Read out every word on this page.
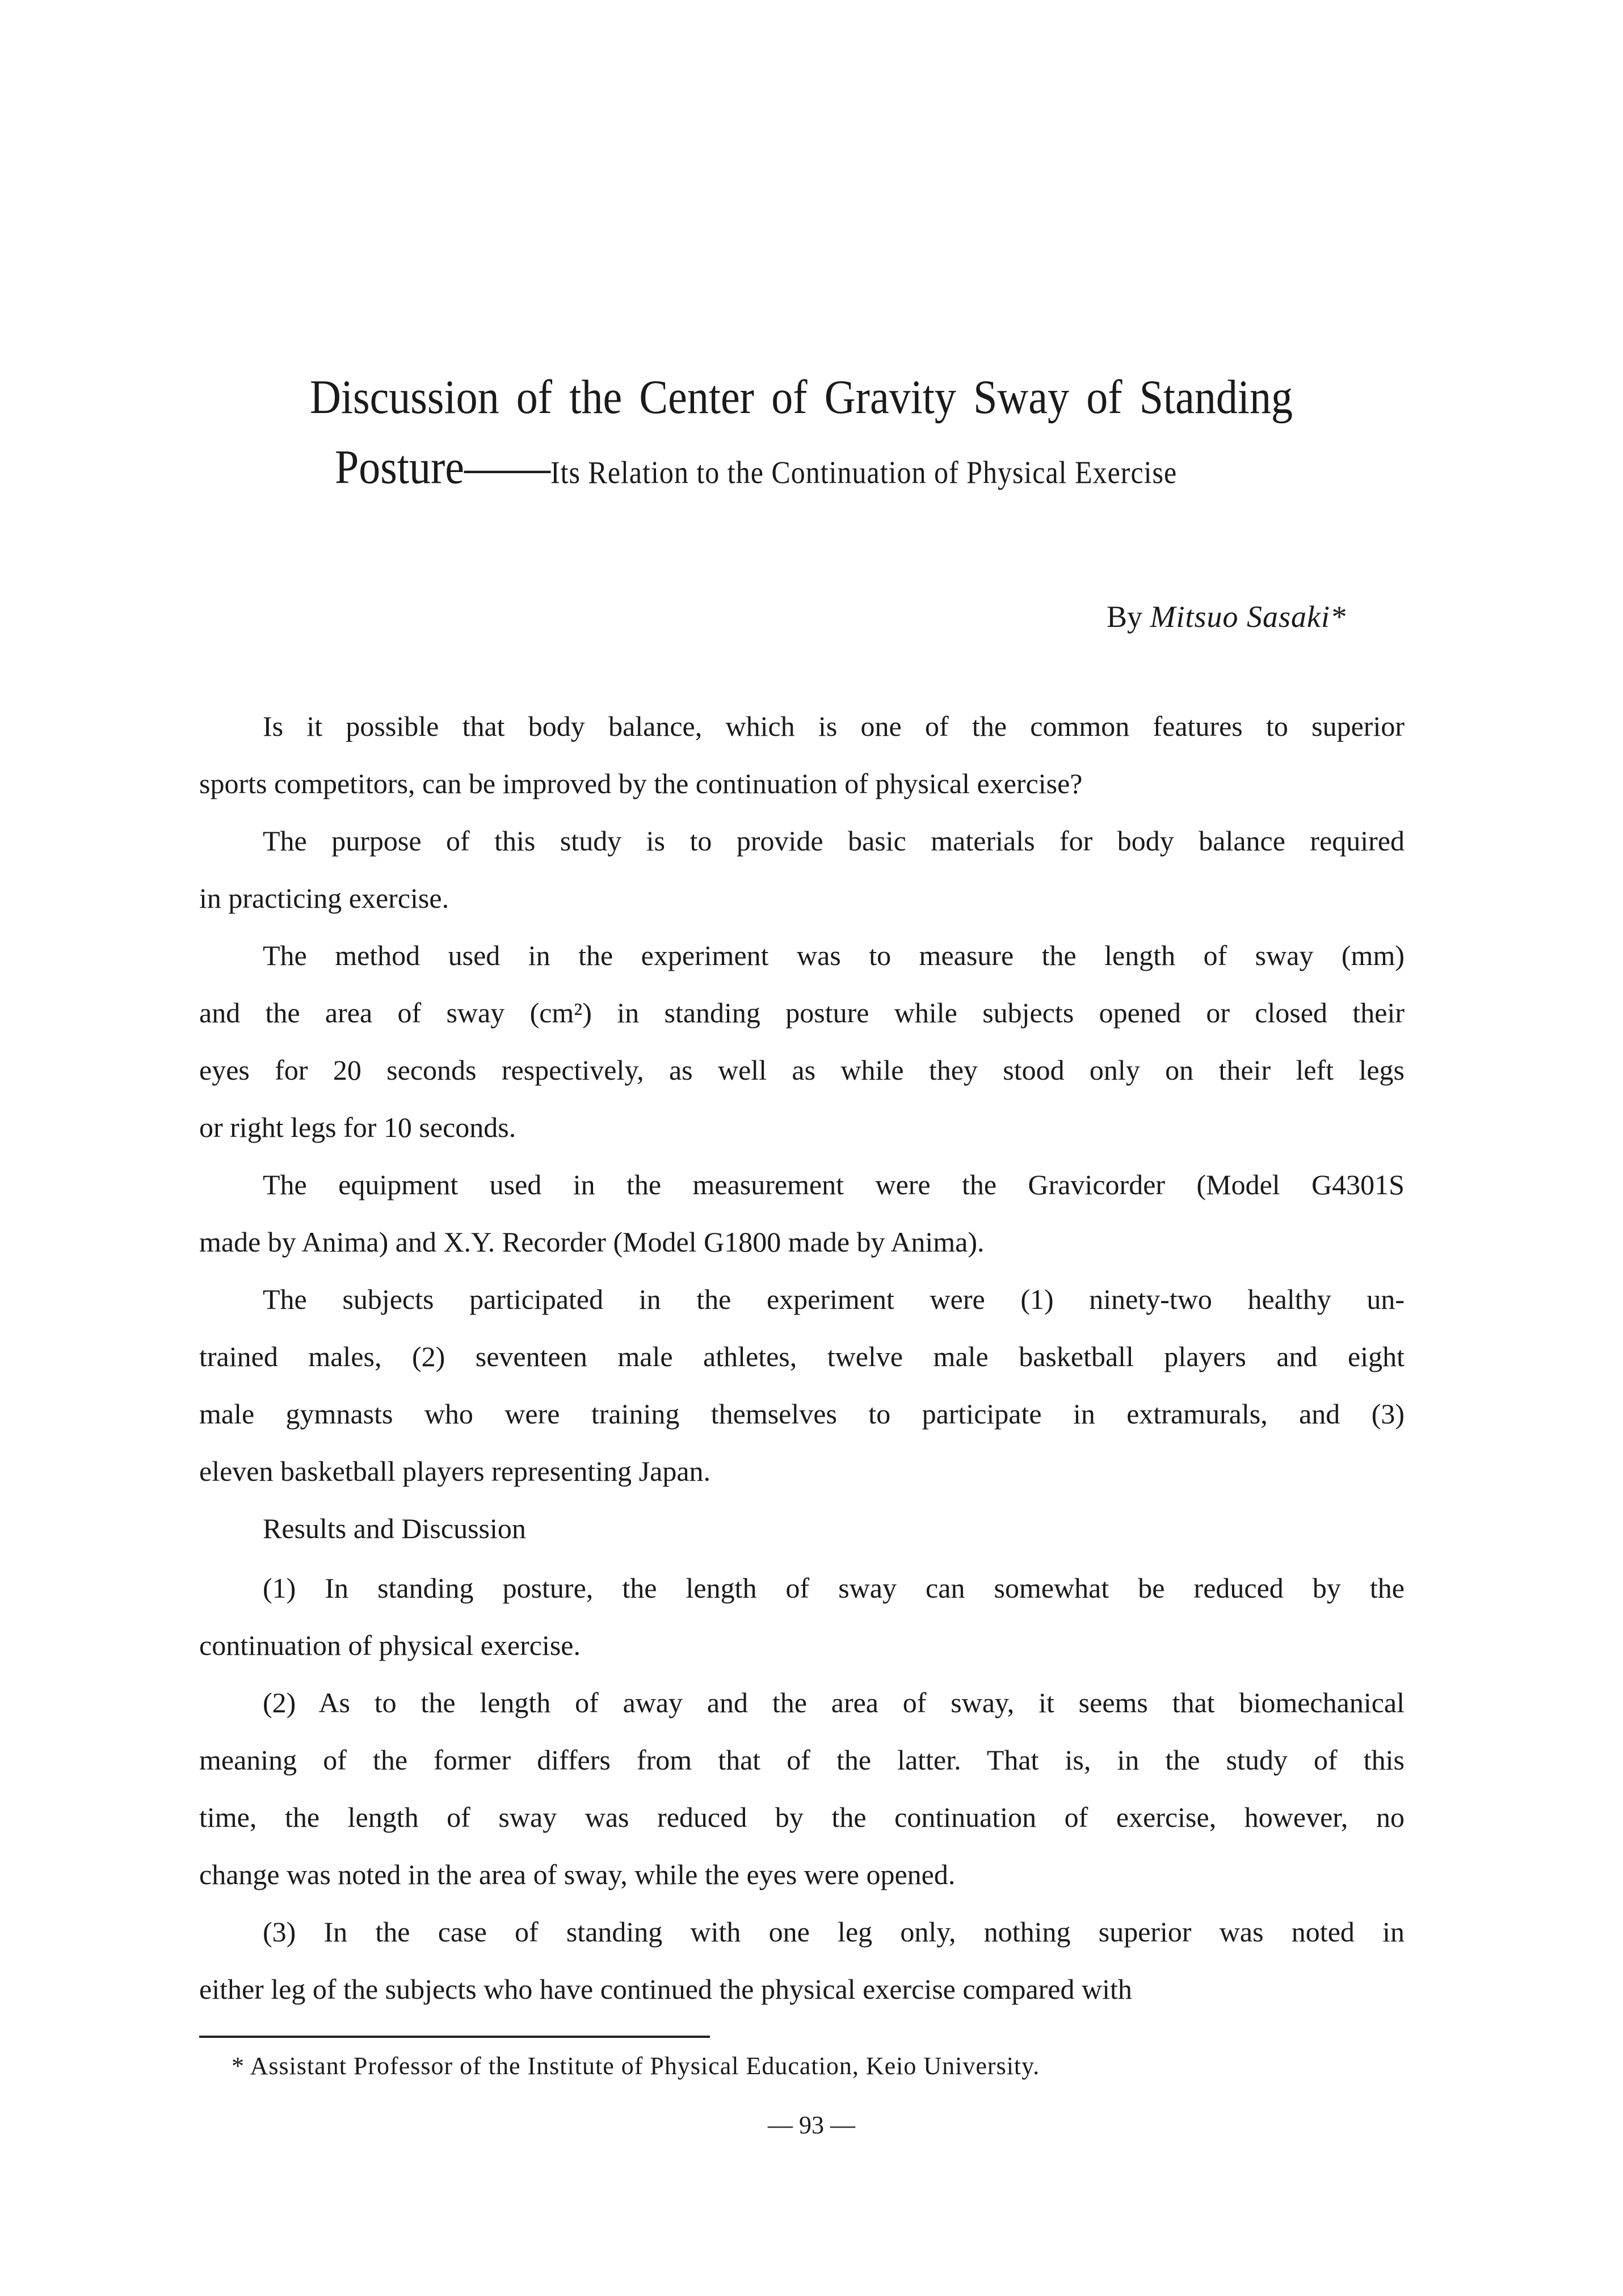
Discussion of the Center of Gravity Sway of Standing
Posture——Its Relation to the Continuation of Physical Exercise
By Mitsuo Sasaki*
Is it possible that body balance, which is one of the common features to superior
sports competitors, can be improved by the continuation of physical exercise?
The purpose of this study is to provide basic materials for body balance required
in practicing exercise.
The method used in the experiment was to measure the length of sway (mm)
and the area of sway (cm²) in standing posture while subjects opened or closed their
eyes for 20 seconds respectively, as well as while they stood only on their left legs
or right legs for 10 seconds.
The equipment used in the measurement were the Gravicorder (Model G4301S
made by Anima) and X.Y. Recorder (Model G1800 made by Anima).
The subjects participated in the experiment were (1) ninety-two healthy un-
trained males, (2) seventeen male athletes, twelve male basketball players and eight
male gymnasts who were training themselves to participate in extramurals, and (3)
eleven basketball players representing Japan.
Results and Discussion
(1) In standing posture, the length of sway can somewhat be reduced by the
continuation of physical exercise.
(2) As to the length of away and the area of sway, it seems that biomechanical
meaning of the former differs from that of the latter. That is, in the study of this
time, the length of sway was reduced by the continuation of exercise, however, no
change was noted in the area of sway, while the eyes were opened.
(3) In the case of standing with one leg only, nothing superior was noted in
either leg of the subjects who have continued the physical exercise compared with
* Assistant Professor of the Institute of Physical Education, Keio University.
— 93 —
